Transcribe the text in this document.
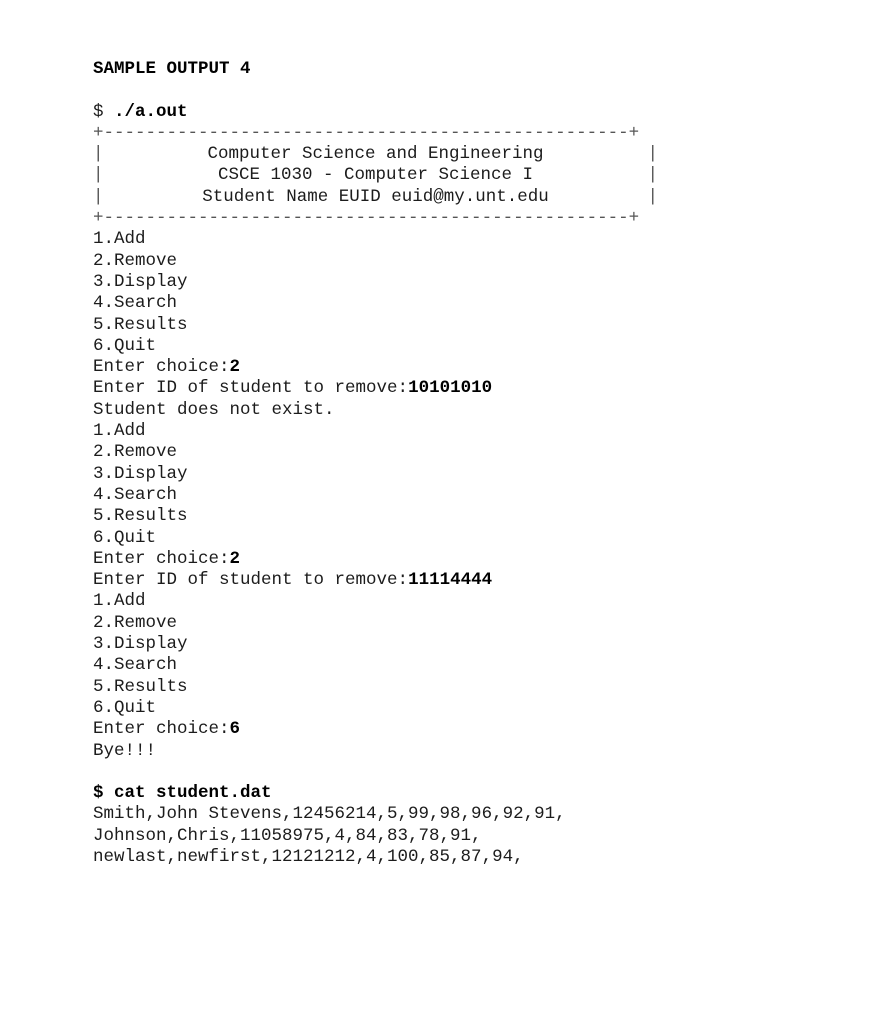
SAMPLE OUTPUT 4
$ ./a.out
+--------------------------------------------------+
|	Computer Science and Engineering	|
|	CSCE 1030 - Computer Science I	|
|	Student Name EUID euid@my.unt.edu	|
+--------------------------------------------------+
1.Add
2.Remove
3.Display
4.Search
5.Results
6.Quit
Enter choice:2
Enter ID of student to remove:10101010
Student does not exist.
1.Add
2.Remove
3.Display
4.Search
5.Results
6.Quit
Enter choice:2
Enter ID of student to remove:11114444
1.Add
2.Remove
3.Display
4.Search
5.Results
6.Quit
Enter choice:6
Bye!!!
$ cat student.dat
Smith,John Stevens,12456214,5,99,98,96,92,91,
Johnson,Chris,11058975,4,84,83,78,91,
newlast,newfirst,12121212,4,100,85,87,94,
